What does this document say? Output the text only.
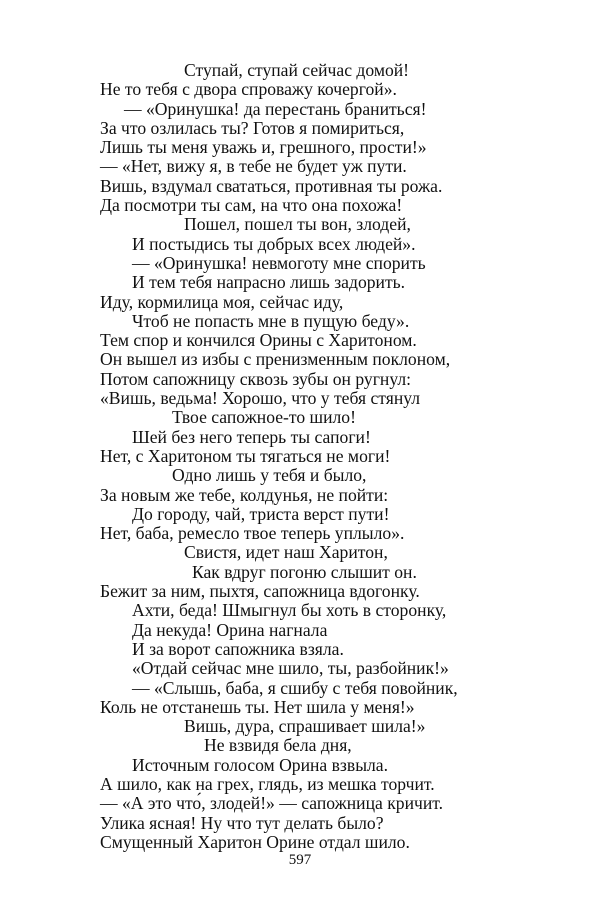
Ступай, ступай сейчас домой!
Не то тебя с двора спроважу кочергой».
— «Оринушка! да перестань браниться!
За что озлилась ты? Готов я помириться,
Лишь ты меня уважь и, грешного, прости!»
— «Нет, вижу я, в тебе не будет уж пути.
Вишь, вздумал свататься, противная ты рожа.
Да посмотри ты сам, на что она похожа!
Пошел, пошел ты вон, злодей,
И постыдись ты добрых всех людей».
— «Оринушка! невмоготу мне спорить
И тем тебя напрасно лишь задорить.
Иду, кормилица моя, сейчас иду,
Чтоб не попасть мне в пущую беду».
Тем спор и кончился Орины с Харитоном.
Он вышел из избы с пренизменным поклоном,
Потом сапожницу сквозь зубы он ругнул:
«Вишь, ведьма! Хорошо, что у тебя стянул
Твое сапожное-то шило!
Шей без него теперь ты сапоги!
Нет, с Харитоном ты тягаться не моги!
Одно лишь у тебя и было,
За новым же тебе, колдунья, не пойти:
До городу, чай, триста верст пути!
Нет, баба, ремесло твое теперь уплыло».
Свистя, идет наш Харитон,
Как вдруг погоню слышит он.
Бежит за ним, пыхтя, сапожница вдогонку.
Ахти, беда! Шмыгнул бы хоть в сторонку,
Да некуда! Орина нагнала
И за ворот сапожника взяла.
«Отдай сейчас мне шило, ты, разбойник!»
— «Слышь, баба, я сшибу с тебя повойник,
Коль не отстанешь ты. Нет шила у меня!»
Вишь, дура, спрашивает шила!»
Не взвидя бела дня,
Источным голосом Орина взвыла.
А шило, как на грех, глядь, из мешка торчит.
— «А это что́, злодей!» — сапожница кричит.
Улика ясная! Ну что тут делать было?
Смущенный Харитон Орине отдал шило.
597
